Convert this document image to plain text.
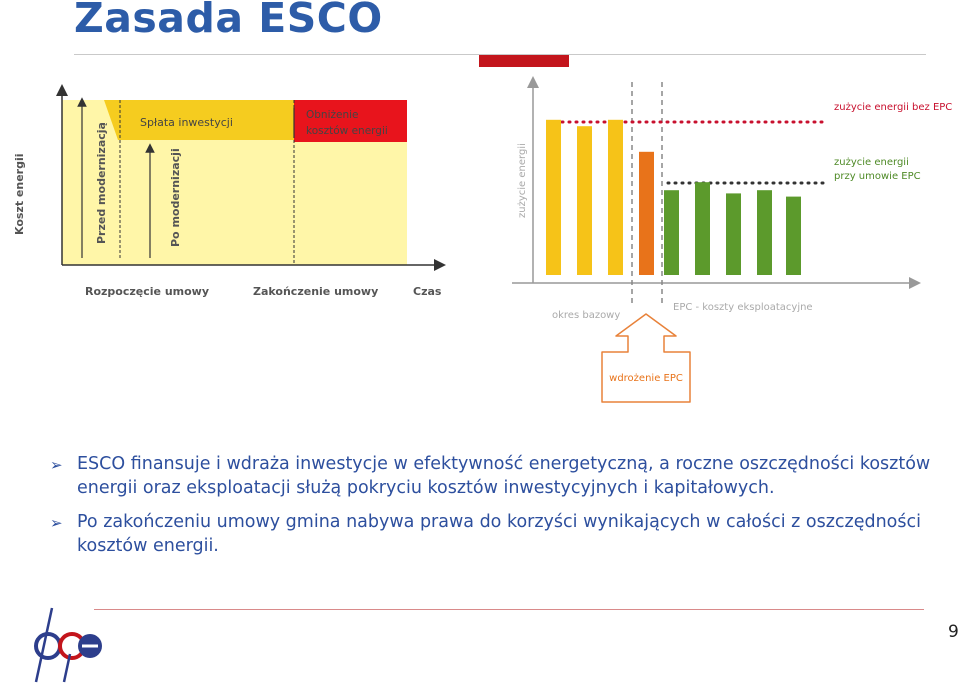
Zasada ESCO
Koszt energii	Przed modernizacją	Po modernizacji
Spłata inwestycji
Obniżenie
kosztów energii
Rozpoczęcie umowy	Zakończenie umowy	Czas
zużycie energii
zużycie energii bez EPC
zużycie energii
przy umowie EPC
okres bazowy
EPC - koszty eksploatacyjne
wdrożenie EPC
➢ ESCO finansuje i wdraża inwestycje w efektywność energetyczną, a roczne oszczędności kosztów energii oraz eksploatacji służą pokryciu kosztów inwestycyjnych i kapitałowych.
➢ Po zakończeniu umowy gmina nabywa prawa do korzyści wynikających w całości z oszczędności kosztów energii.
9
